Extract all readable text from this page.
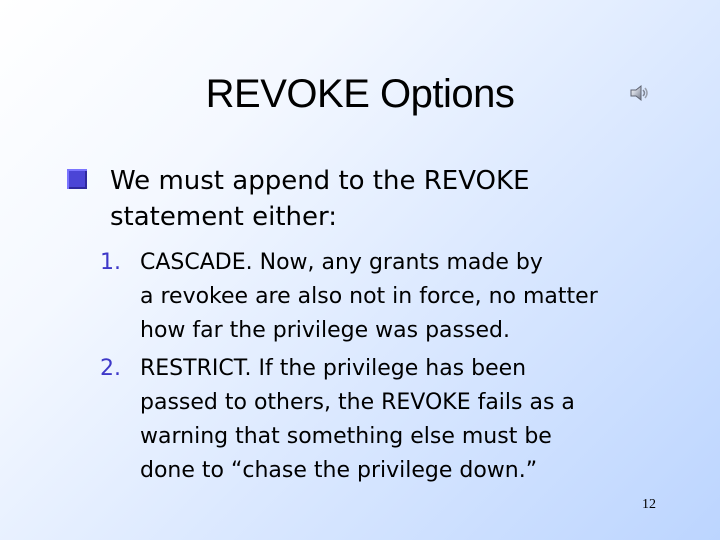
REVOKE Options
We must append to the REVOKE
statement either:
1. CASCADE. Now, any grants made by
a revokee are also not in force, no matter
how far the privilege was passed.
2. RESTRICT. If the privilege has been
passed to others, the REVOKE fails as a
warning that something else must be
done to “chase the privilege down.”
12
